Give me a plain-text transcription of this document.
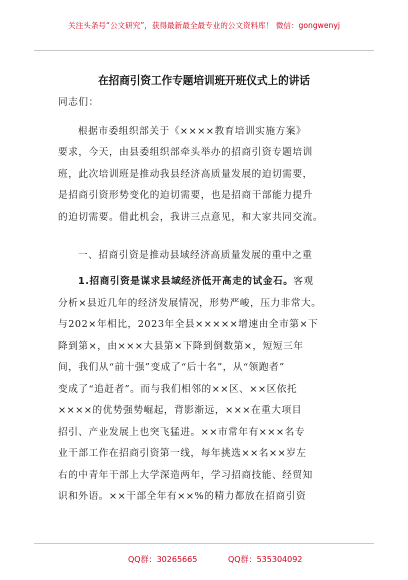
关注头条号“公文研究”，获得最新最全最专业的公文资料库！ 微信：gongwenyj
在招商引资工作专题培训班开班仪式上的讲话
同志们：
根据市委组织部关于《××××教育培训实施方案》
要求，今天，由县委组织部牵头举办的招商引资专题培训
班，此次培训班是推动我县经济高质量发展的迫切需要，
是招商引资形势变化的迫切需要，也是招商干部能力提升
的迫切需要。借此机会，我讲三点意见，和大家共同交流。
一、招商引资是推动县域经济高质量发展的重中之重
1.招商引资是谋求县域经济低开高走的试金石。客观
分析×县近几年的经济发展情况，形势严峻，压力非常大。
与202×年相比，2023年全县×××××增速由全市第×下
降到第×，由×××大县第×下降到倒数第×，短短三年
间，我们从“前十强”变成了“后十名”，从“领跑者”
变成了“追赶者”。而与我们相邻的××区、××区依托
××××的优势强势崛起，背影渐远，×××在重大项目
招引、产业发展上也突飞猛进。××市常年有×××名专
业干部工作在招商引资第一线，每年挑选××名××岁左
右的中青年干部上大学深造两年，学习招商技能、经贸知
识和外语。××干部全年有××%的精力都放在招商引资
QQ群：30265665	QQ群：535304092
